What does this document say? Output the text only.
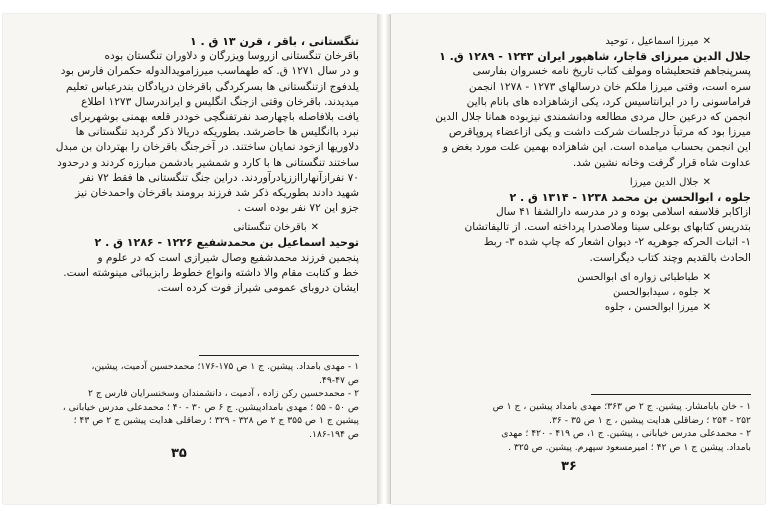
تنگستانی ، باقر ، قرن ۱۳ ق . ۱
باقرخان تنگستانی ازروسا ویزرگان و دلاوران تنگستان بوده
و در سال ۱۲۷۱ ق. که طهماسب میرزامویدالدوله حکمران فارس بود
یلدفوج ازتنگستانی ها بسرکردگی باقرخان درپادگان بندرعباس تعلیم
میدیدند. باقرخان وقتی ازجنگ انگلیس و ایراندرسال ۱۲۷۳ اطلاع
یافت بلافاصله باچهارصد نفرتفنگچی خوددر قلعه بهمنی بوشهربرای
نبرد باانگلیس ها حاضرشد. بطوریکه دریالا ذکر گردید تنگستانی ها
دلاوریها ازخود نمایان ساختند. در آخرجنگ باقرخان را بهتردان بن مبدل
ساختند تنگستانی ها با کارد و شمشیر بادشمن مبارزه کردند و درحدود
۷۰ نفرازآنهارااززپادرآوردند. دراین جنگ تنگستانی ها فقط ۷۲ نفر
شهید دادند بطوریکه ذکر شد فرزند برومند باقرخان واحمدخان نیز
جزو این ۷۲ نفر بوده است .
✕باقرخان تنگستانی
توحید اسماعیل بن محمدشفیع ۱۲۲۶ - ۱۲۸۶ ق . ۲
پنجمین فرزند محمدشفیع وصال شیرازی است که در علوم و
خط و کتابت مقام والا داشته وانواع خطوط رابزیبائی مینوشته است.
ایشان دروبای عمومی شیراز فوت کرده است.
۱ - مهدی بامداد. پیشین. ج ۱ ص ۱۷۵-۱۷۶؛ محمدحسین آدمیت، پیشین،
ص ۴۷-۴۹.
۲ - محمدحسین رکن زاده ، آدمیت ، دانشمندان وسخنسرایان فارس ج ۲
ص ۵۰ - ۵۵ ؛ مهدی بامدادپیشین. ج ۶ ص ۳۰ - ۴۰ ؛ محمدعلی مدرس خیابانی ،
پیشین ج ۱ ص ۳۵۵ ج ۲ ص ۳۲۸ - ۳۲۹ ؛ رضاقلی هدایت پیشین ج ۲ ص ۴۳ ؛
ص ۱۹۴-۱۸۶.
۳۵
✕میرزا اسماعیل ، توحید
جلال الدین میرزای قاجار، شاهپور ایران ۱۲۴۳ - ۱۲۸۹ ق. ۱
پسرپنجاهم فتحعلیشاه ومولف کتاب تاریخ نامه خسروان بفارسی
سره است، وقتی میرزا ملکم خان درسالهای ۱۲۷۳ - ۱۲۷۸ انجمن
فراماسونی را در ایرانتاسیس کرد، یکی ازشاهزاده های بانام بااین
انجمن که درعین حال مردی مطالعه ودانشمندی نیزبوده همانا جلال الدین
میرزا بود که مرتباً درجلسات شرکت داشت و یکی ازاعضاء پروپاقرص
این انجمن بحساب میامده است. این شاهزاده بهمین علت مورد بغض و
عداوت شاه قرار گرفت وخانه نشین شد.
✕جلال الدین میرزا
جلوه ، ابوالحسن بن محمد ۱۲۳۸ - ۱۳۱۴ ق . ۲
ازاکابر فلاسفه اسلامی بوده و در مدرسه دارالشفا ۴۱ سال
بتدریس کتابهای بوعلی سینا وملاصدرا پرداخته است. از تالیفاتشان
۱- اثبات الحرکه جوهریه ۲- دیوان اشعار که چاپ شده ۳- ربط
الحادث بالقدیم وچند کتاب دیگراست.
✕طباطبائی زواره ای ابوالحسن
✕جلوه ، سیدابوالحسن
✕میرزا ابوالحسن ، جلوه
۱ - خان بابامشار. پیشین. ج ۲ ص ۳۶۳؛ مهدی بامداد پیشین ، ج ۱ ص
۲۵۲ - ۲۵۴ ؛ رضاقلی هدایت پیشین ، ج ۱ ص ۳۵ - ۳۶.
۲ - محمدعلی مدرس خیابانی ، پیشین. ج ۱، ص ۴۱۹ - ۴۲۰ ؛ مهدی
بامداد. پیشین ج ۱ ص ۴۲ ؛ امیرمسعود سپهرم. پیشین. ص ۳۲۵ .
۳۶
